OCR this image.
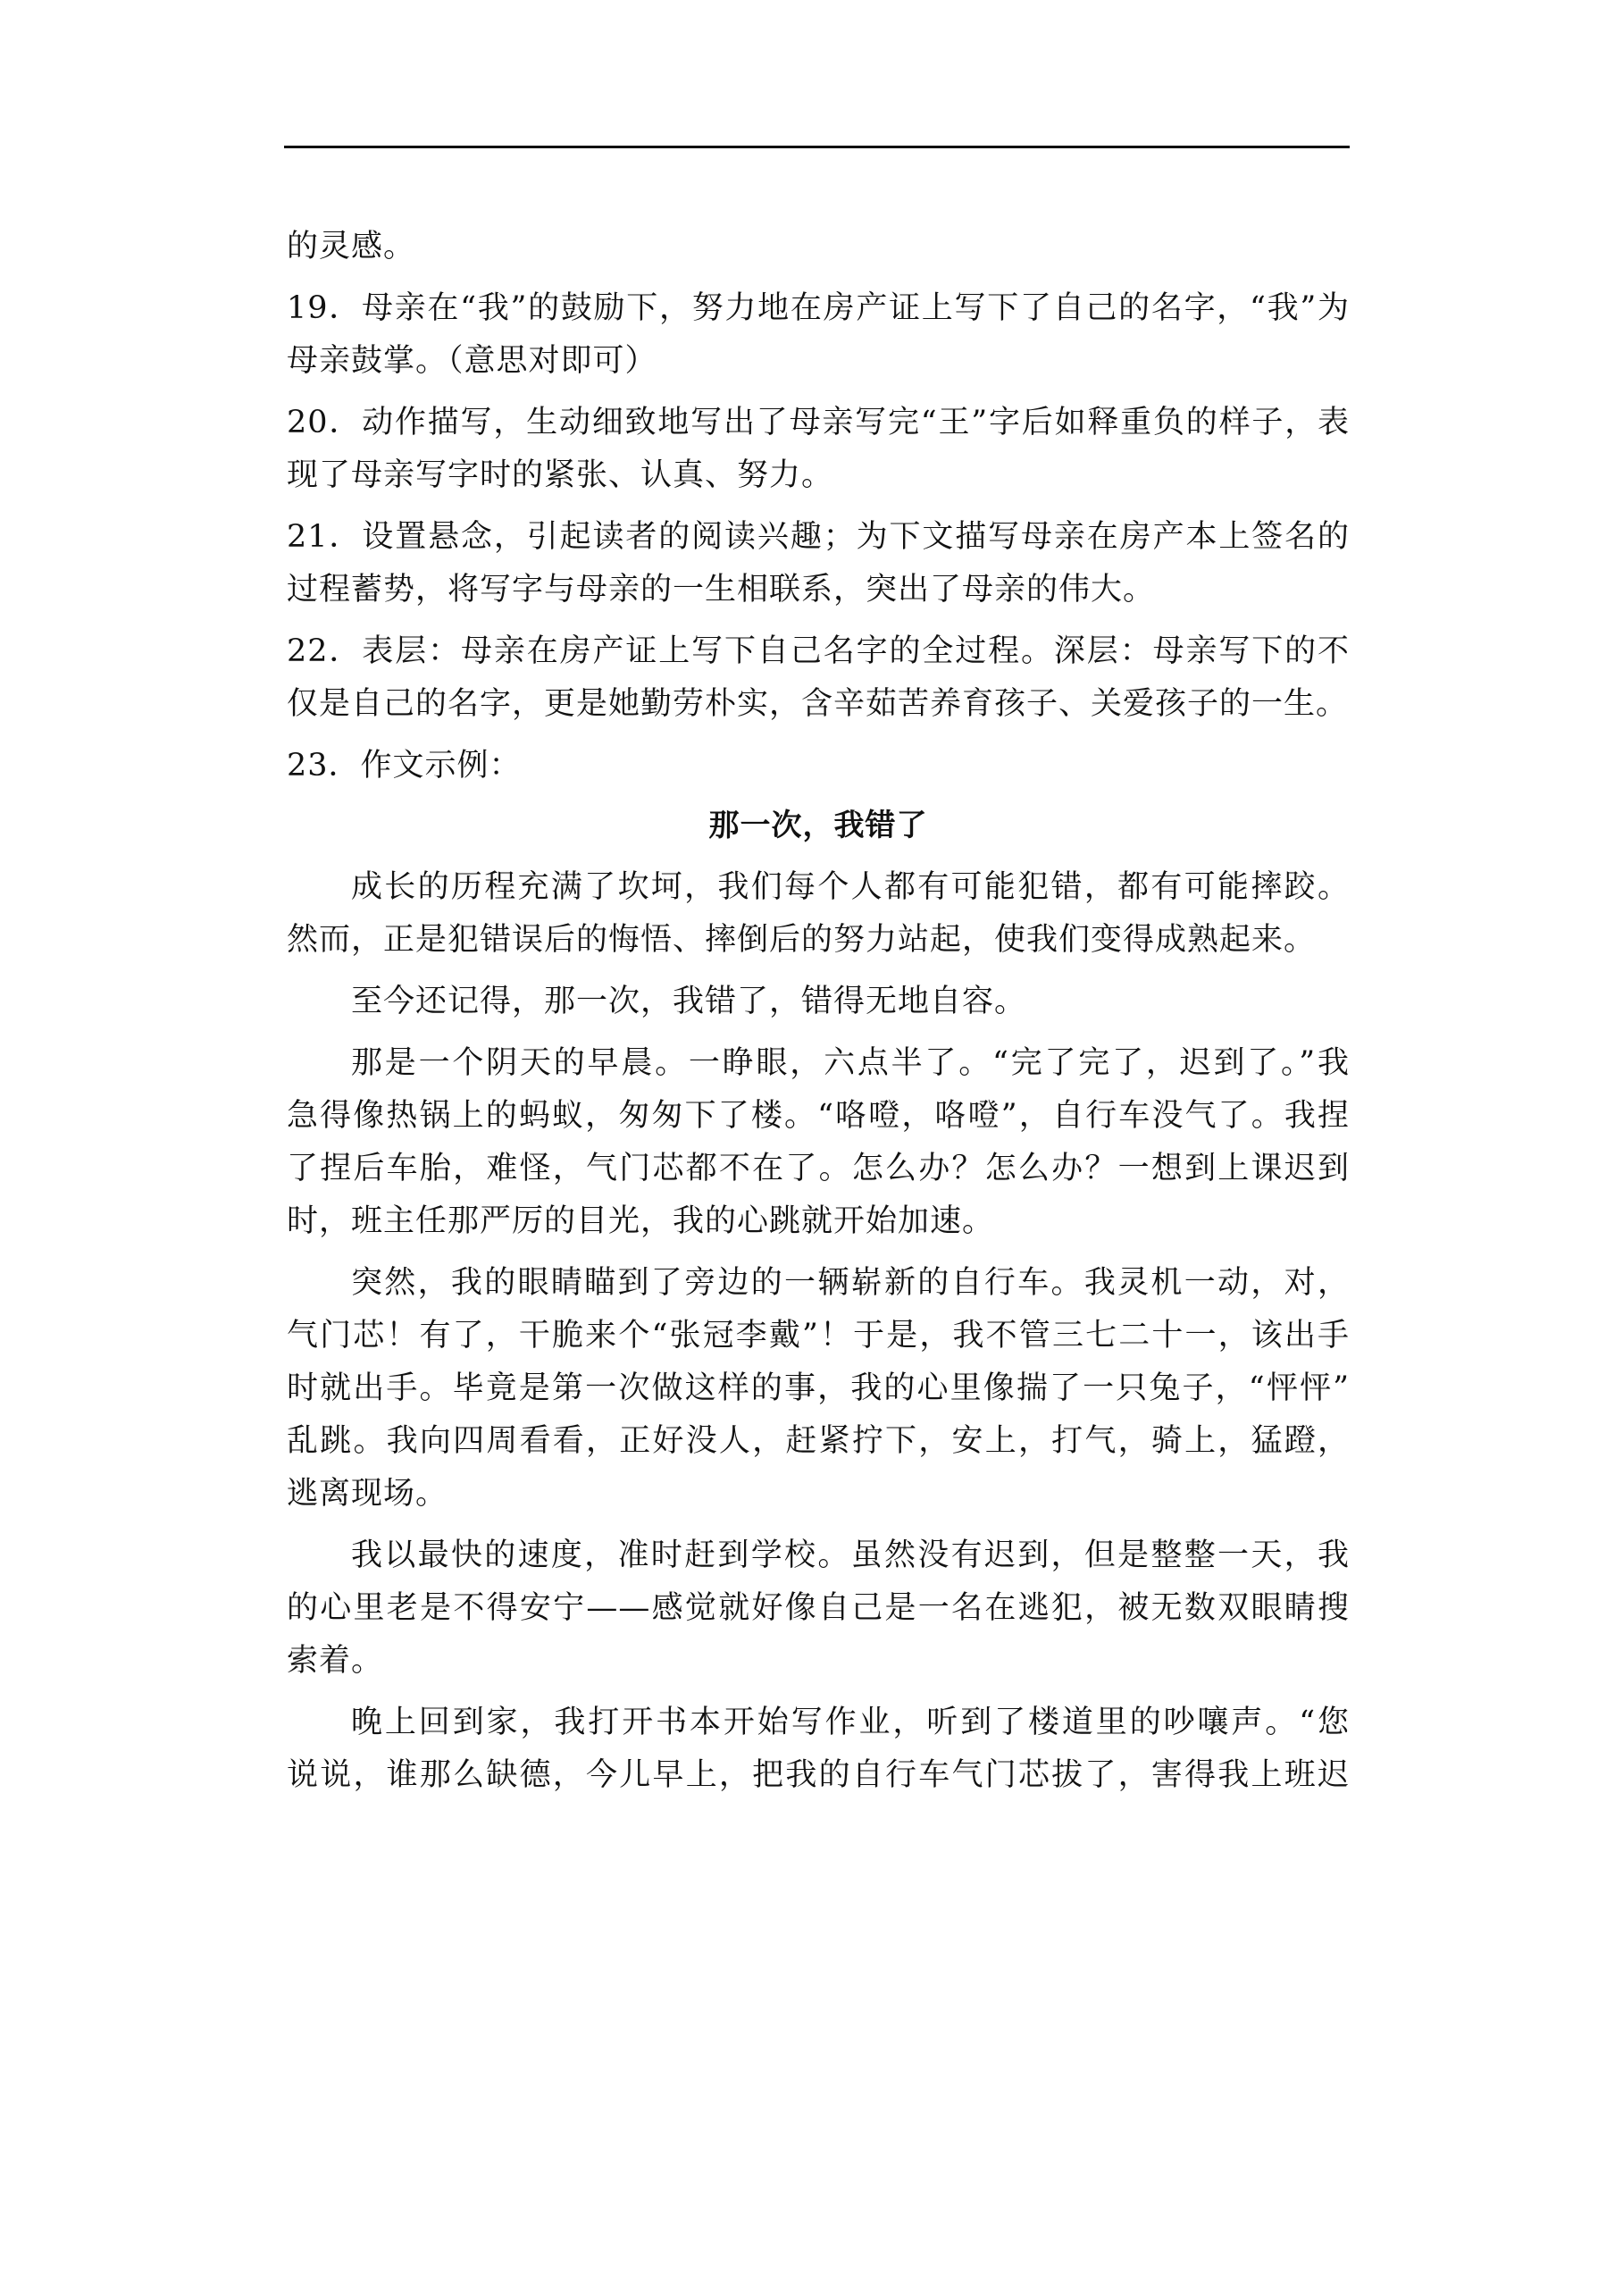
的灵感。
19．母亲在“我”的鼓励下，努力地在房产证上写下了自己的名字，“我”为
母亲鼓掌。（意思对即可）
20．动作描写，生动细致地写出了母亲写完“王”字后如释重负的样子，表
现了母亲写字时的紧张、认真、努力。
21．设置悬念，引起读者的阅读兴趣；为下文描写母亲在房产本上签名的
过程蓄势，将写字与母亲的一生相联系，突出了母亲的伟大。
22．表层：母亲在房产证上写下自己名字的全过程。深层：母亲写下的不
仅是自己的名字，更是她勤劳朴实，含辛茹苦养育孩子、关爱孩子的一生。
23．作文示例：
那一次，我错了
成长的历程充满了坎坷，我们每个人都有可能犯错，都有可能摔跤。
然而，正是犯错误后的悔悟、摔倒后的努力站起，使我们变得成熟起来。
至今还记得，那一次，我错了，错得无地自容。
那是一个阴天的早晨。一睁眼，六点半了。“完了完了，迟到了。”我
急得像热锅上的蚂蚁，匆匆下了楼。“咯噔，咯噔”，自行车没气了。我捏
了捏后车胎，难怪，气门芯都不在了。怎么办？怎么办？一想到上课迟到
时，班主任那严厉的目光，我的心跳就开始加速。
突然，我的眼睛瞄到了旁边的一辆崭新的自行车。我灵机一动，对，
气门芯！有了，干脆来个“张冠李戴”！于是，我不管三七二十一，该出手
时就出手。毕竟是第一次做这样的事，我的心里像揣了一只兔子，“怦怦”
乱跳。我向四周看看，正好没人，赶紧拧下，安上，打气，骑上，猛蹬，
逃离现场。
我以最快的速度，准时赶到学校。虽然没有迟到，但是整整一天，我
的心里老是不得安宁——感觉就好像自己是一名在逃犯，被无数双眼睛搜
索着。
晚上回到家，我打开书本开始写作业，听到了楼道里的吵嚷声。“您
说说，谁那么缺德，今儿早上，把我的自行车气门芯拔了，害得我上班迟
